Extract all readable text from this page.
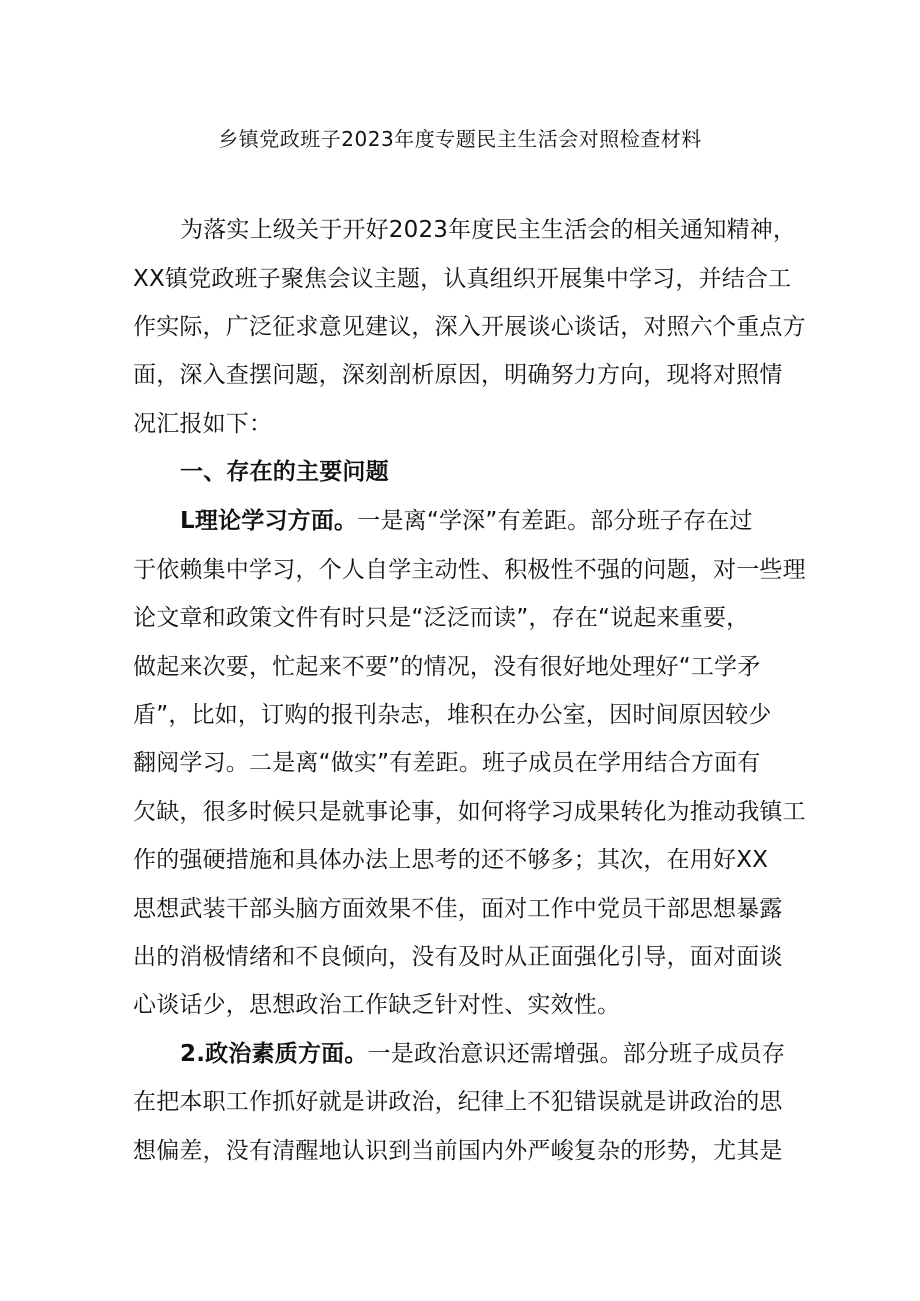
乡镇党政班子2023年度专题民主生活会对照检查材料
为落实上级关于开好2023年度民主生活会的相关通知精神，
XX镇党政班子聚焦会议主题，认真组织开展集中学习，并结合工
作实际，广泛征求意见建议，深入开展谈心谈话，对照六个重点方
面，深入查摆问题，深刻剖析原因，明确努力方向，现将对照情
况汇报如下：
一、存在的主要问题
L理论学习方面。一是离“学深”有差距。部分班子存在过
于依赖集中学习，个人自学主动性、积极性不强的问题，对一些理
论文章和政策文件有时只是“泛泛而读”，存在“说起来重要，
做起来次要，忙起来不要”的情况，没有很好地处理好“工学矛
盾”，比如，订购的报刊杂志，堆积在办公室，因时间原因较少
翻阅学习。二是离“做实”有差距。班子成员在学用结合方面有
欠缺，很多时候只是就事论事，如何将学习成果转化为推动我镇工
作的强硬措施和具体办法上思考的还不够多；其次，在用好XX
思想武装干部头脑方面效果不佳，面对工作中党员干部思想暴露
出的消极情绪和不良倾向，没有及时从正面强化引导，面对面谈
心谈话少，思想政治工作缺乏针对性、实效性。
2.政治素质方面。一是政治意识还需增强。部分班子成员存
在把本职工作抓好就是讲政治，纪律上不犯错误就是讲政治的思
想偏差，没有清醒地认识到当前国内外严峻复杂的形势，尤其是
